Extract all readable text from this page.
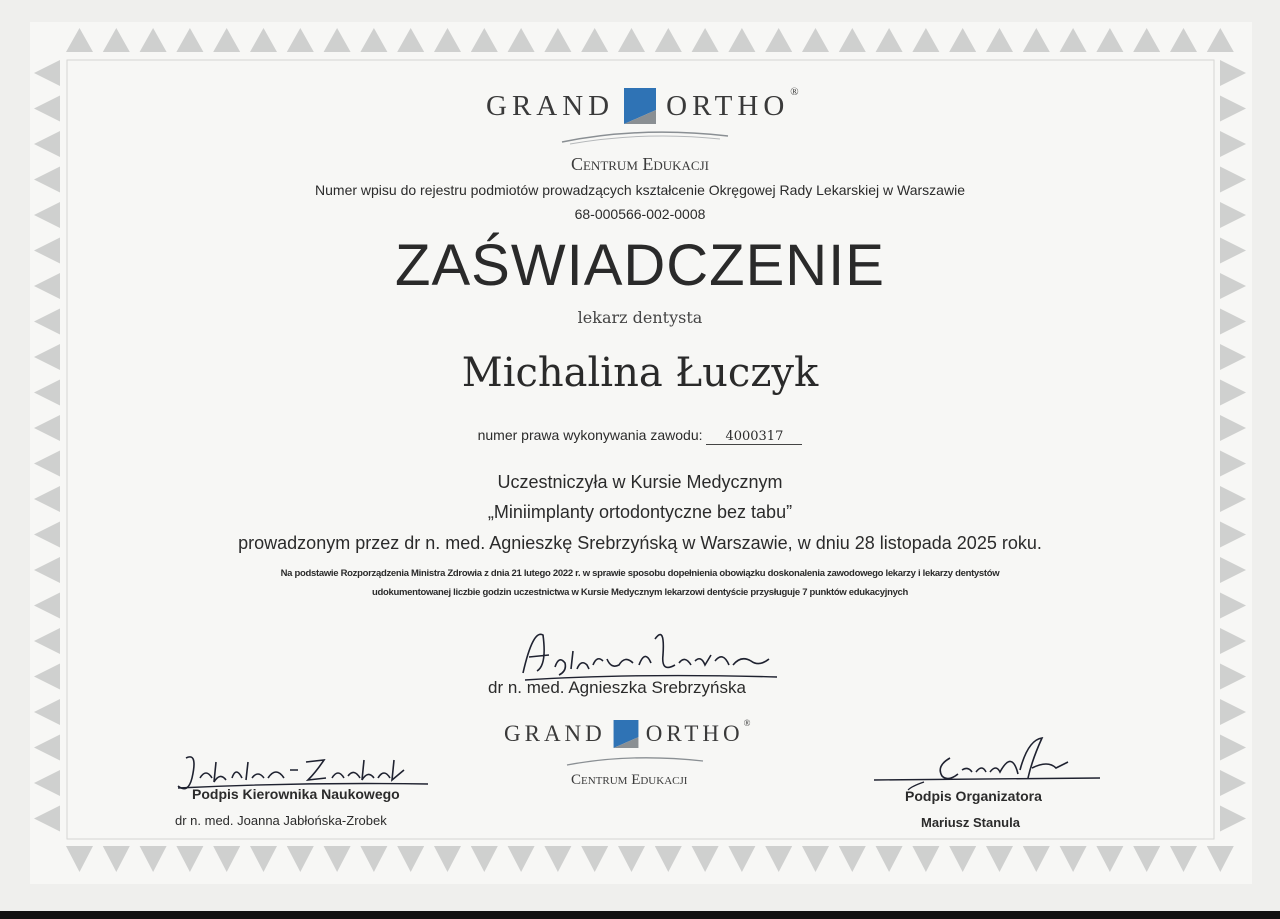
GRAND ORTHO ®
Centrum Edukacji
Numer wpisu do rejestru podmiotów prowadzących kształcenie Okręgowej Rady Lekarskiej w Warszawie
68-000566-002-0008
ZAŚWIADCZENIE
lekarz dentysta
Michalina Łuczyk
numer prawa wykonywania zawodu: 4000317
Uczestniczyła w Kursie Medycznym
„Miniimplanty ortodontyczne bez tabu”
prowadzonym przez dr n. med. Agnieszkę Srebrzyńską w Warszawie, w dniu 28 listopada 2025 roku.
Na podstawie Rozporządzenia Ministra Zdrowia z dnia 21 lutego 2022 r. w sprawie sposobu dopełnienia obowiązku doskonalenia zawodowego lekarzy i lekarzy dentystów
udokumentowanej liczbie godzin uczestnictwa w Kursie Medycznym lekarzowi dentyście przysługuje 7 punktów edukacyjnych
dr n. med. Agnieszka Srebrzyńska
GRAND ORTHO ®
Centrum Edukacji
Podpis Kierownika Naukowego
dr n. med. Joanna Jabłońska-Zrobek
Podpis Organizatora
Mariusz Stanula
